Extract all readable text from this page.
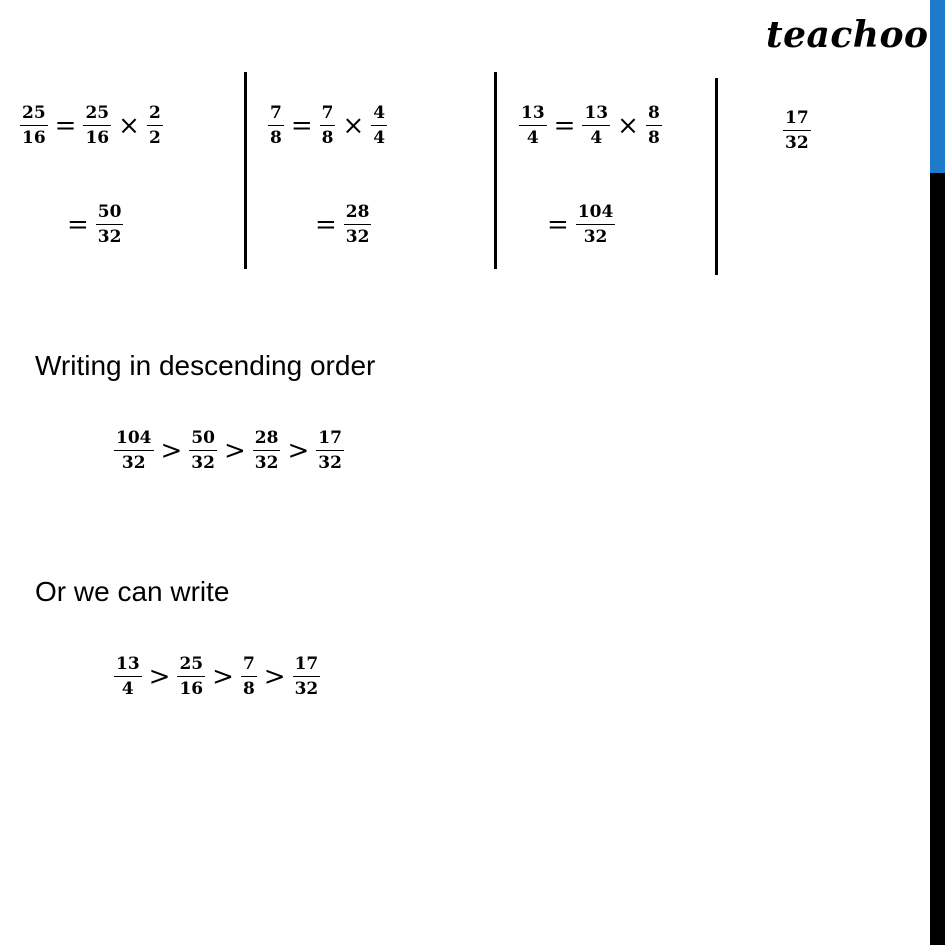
teachoo
$\frac{25}{16} = \frac{25}{16} \times \frac{2}{2}$
= $\frac{50}{32}$
$\frac{7}{8} = \frac{7}{8} \times \frac{4}{4}$
= $\frac{28}{32}$
$\frac{13}{4} = \frac{13}{4} \times \frac{8}{8}$
= $\frac{104}{32}$
$\frac{17}{32}$
Writing in descending order
$\frac{104}{32} > \frac{50}{32} > \frac{28}{32} > \frac{17}{32}$
Or we can write
$\frac{13}{4} > \frac{25}{16} > \frac{7}{8} > \frac{17}{32}$
